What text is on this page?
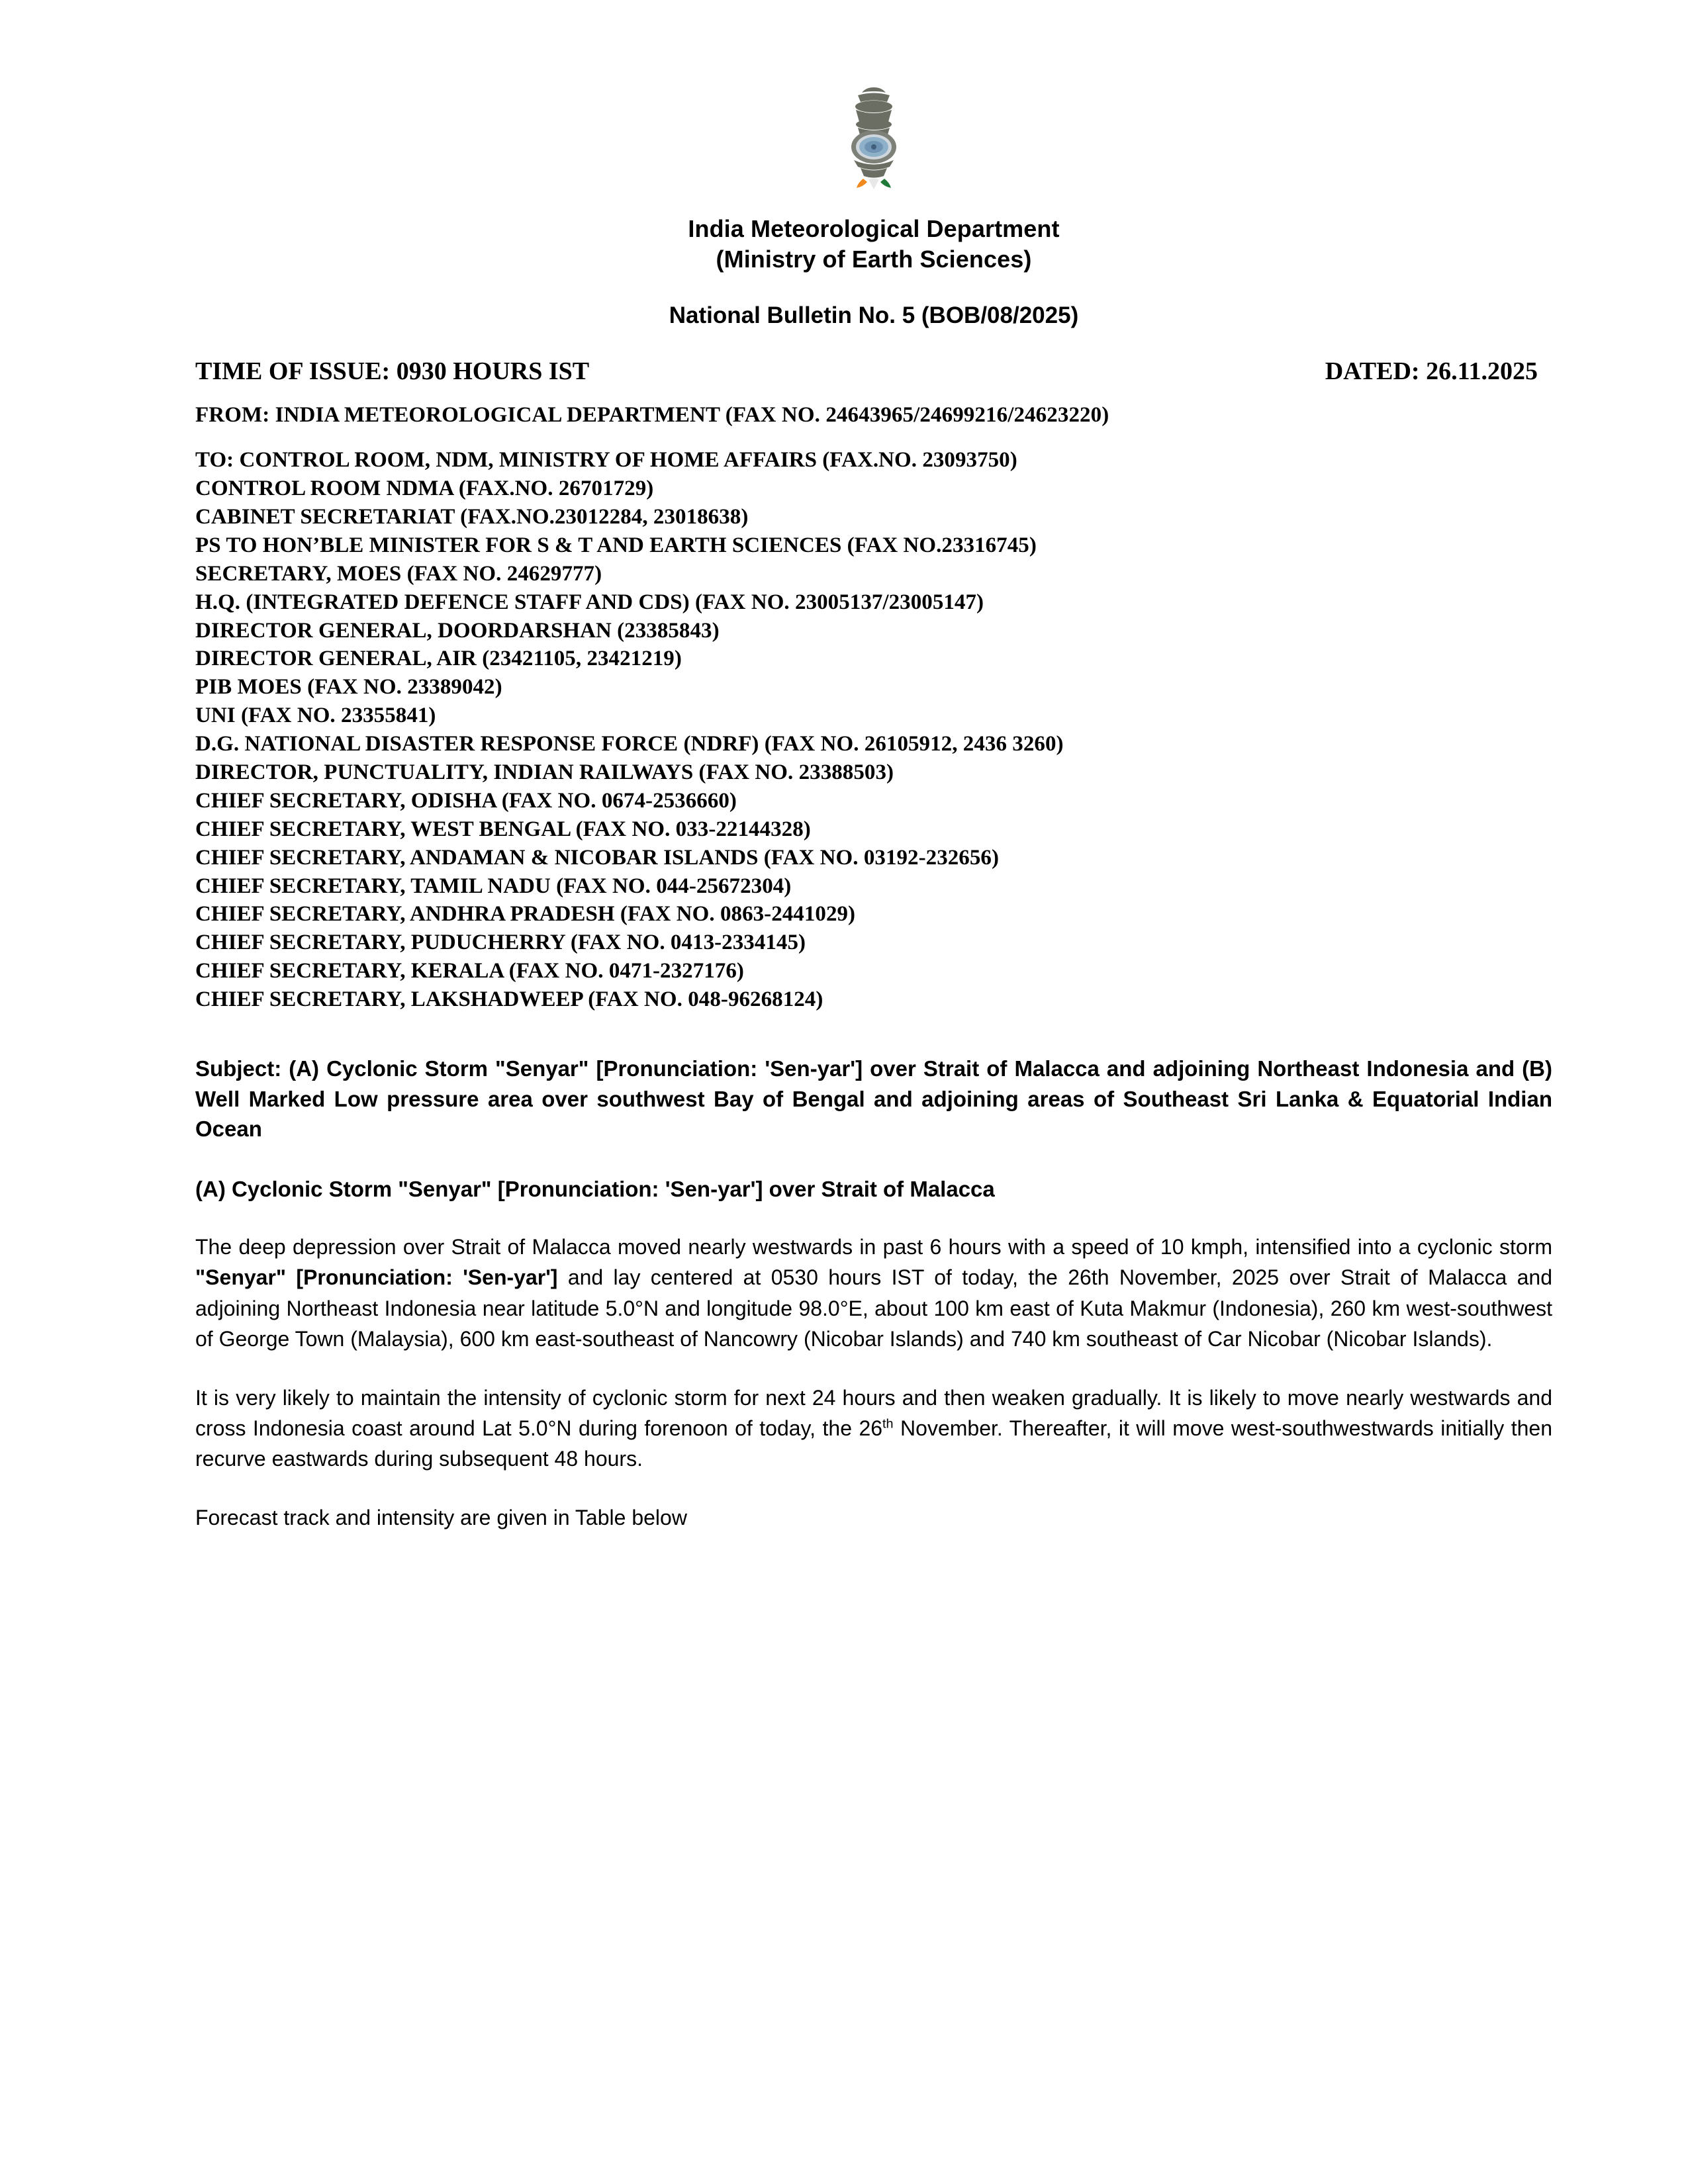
India Meteorological Department
(Ministry of Earth Sciences)
National Bulletin No. 5 (BOB/08/2025)
TIME OF ISSUE: 0930 HOURS IST	DATED: 26.11.2025
FROM: INDIA METEOROLOGICAL DEPARTMENT (FAX NO. 24643965/24699216/24623220)
TO: CONTROL ROOM, NDM, MINISTRY OF HOME AFFAIRS (FAX.NO. 23093750)
CONTROL ROOM NDMA (FAX.NO. 26701729)
CABINET SECRETARIAT (FAX.NO.23012284, 23018638)
PS TO HON’BLE MINISTER FOR S & T AND EARTH SCIENCES (FAX NO.23316745)
SECRETARY, MOES (FAX NO. 24629777)
H.Q. (INTEGRATED DEFENCE STAFF AND CDS) (FAX NO. 23005137/23005147)
DIRECTOR GENERAL, DOORDARSHAN (23385843)
DIRECTOR GENERAL, AIR (23421105, 23421219)
PIB MOES (FAX NO. 23389042)
UNI (FAX NO. 23355841)
D.G. NATIONAL DISASTER RESPONSE FORCE (NDRF) (FAX NO. 26105912, 2436 3260)
DIRECTOR, PUNCTUALITY, INDIAN RAILWAYS (FAX NO. 23388503)
CHIEF SECRETARY, ODISHA (FAX NO. 0674-2536660)
CHIEF SECRETARY, WEST BENGAL (FAX NO. 033-22144328)
CHIEF SECRETARY, ANDAMAN & NICOBAR ISLANDS (FAX NO. 03192-232656)
CHIEF SECRETARY, TAMIL NADU (FAX NO. 044-25672304)
CHIEF SECRETARY, ANDHRA PRADESH (FAX NO. 0863-2441029)
CHIEF SECRETARY, PUDUCHERRY (FAX NO. 0413-2334145)
CHIEF SECRETARY, KERALA (FAX NO. 0471-2327176)
CHIEF SECRETARY, LAKSHADWEEP (FAX NO. 048-96268124)
Subject: (A) Cyclonic Storm "Senyar" [Pronunciation: 'Sen-yar'] over Strait of Malacca and adjoining Northeast Indonesia and (B) Well Marked Low pressure area over southwest Bay of Bengal and adjoining areas of Southeast Sri Lanka & Equatorial Indian Ocean
(A) Cyclonic Storm "Senyar" [Pronunciation: 'Sen-yar'] over Strait of Malacca

The deep depression over Strait of Malacca moved nearly westwards in past 6 hours with a speed of 10 kmph, intensified into a cyclonic storm "Senyar" [Pronunciation: 'Sen-yar'] and lay centered at 0530 hours IST of today, the 26th November, 2025 over Strait of Malacca and adjoining Northeast Indonesia near latitude 5.0°N and longitude 98.0°E, about 100 km east of Kuta Makmur (Indonesia), 260 km west-southwest of George Town (Malaysia), 600 km east-southeast of Nancowry (Nicobar Islands) and 740 km southeast of Car Nicobar (Nicobar Islands).

It is very likely to maintain the intensity of cyclonic storm for next 24 hours and then weaken gradually. It is likely to move nearly westwards and cross Indonesia coast around Lat 5.0°N during forenoon of today, the 26th November. Thereafter, it will move west-southwestwards initially then recurve eastwards during subsequent 48 hours.

Forecast track and intensity are given in Table below
